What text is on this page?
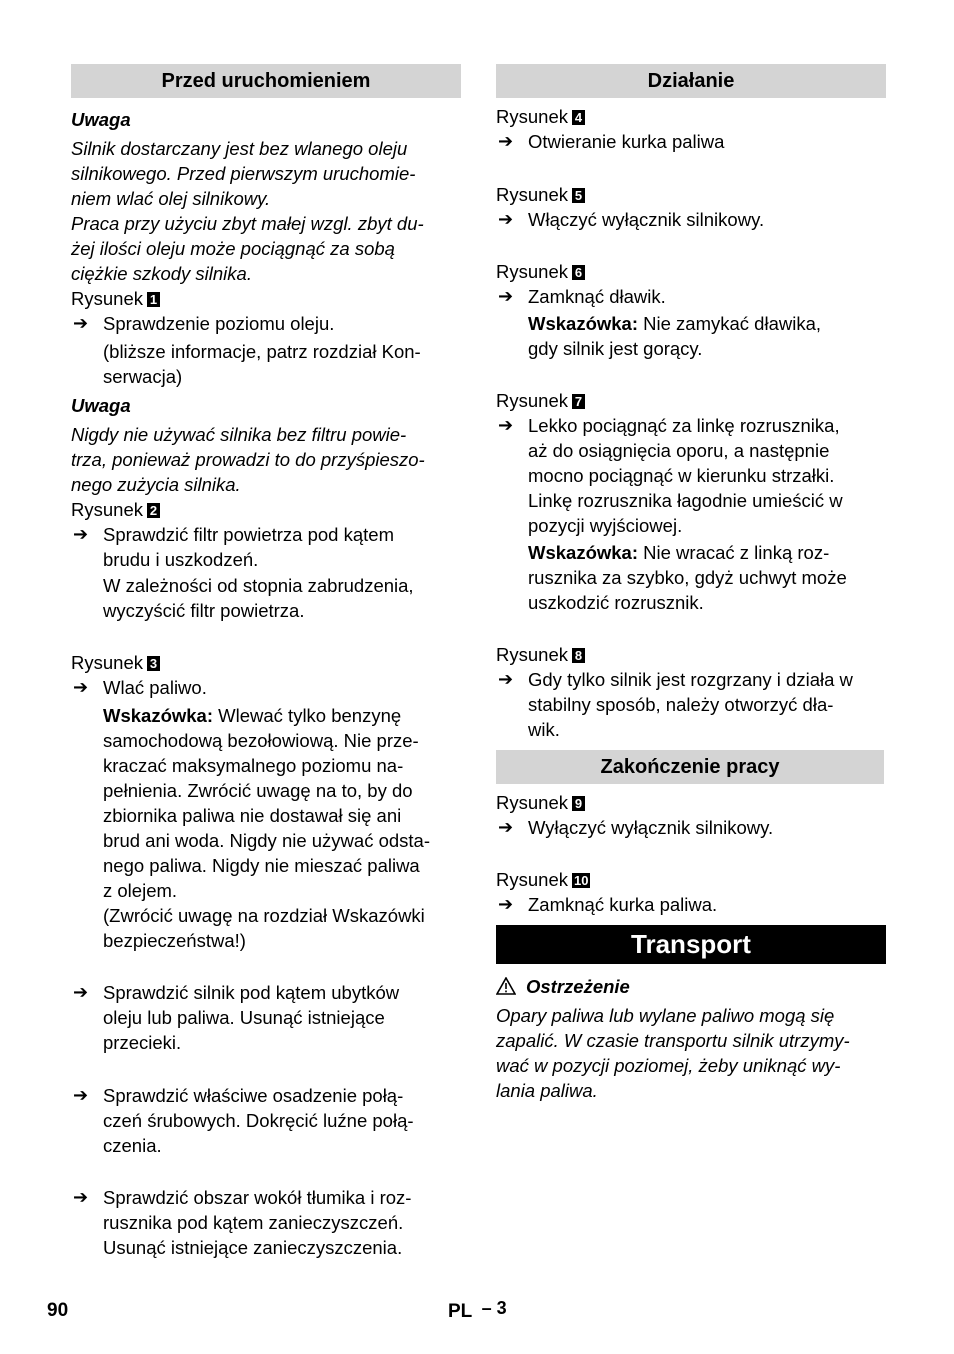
Przed uruchomieniem
Uwaga
Silnik dostarczany jest bez wlanego oleju
silnikowego. Przed pierwszym uruchomie-
niem wlać olej silnikowy.
Praca przy użyciu zbyt małej wzgl. zbyt du-
żej ilości oleju może pociągnąć za sobą
ciężkie szkody silnika.
Rysunek 1
➔ Sprawdzenie poziomu oleju.
(bliższe informacje, patrz rozdział Kon-
serwacja)
Uwaga
Nigdy nie używać silnika bez filtru powie-
trza, ponieważ prowadzi to do przyśpieszo-
nego zużycia silnika.
Rysunek 2
➔ Sprawdzić filtr powietrza pod kątem
brudu i uszkodzeń.
W zależności od stopnia zabrudzenia,
wyczyścić filtr powietrza.
Rysunek 3
➔ Wlać paliwo.
Wskazówka: Wlewać tylko benzynę
samochodową bezołowiową. Nie prze-
kraczać maksymalnego poziomu na-
pełnienia. Zwrócić uwagę na to, by do
zbiornika paliwa nie dostawał się ani
brud ani woda. Nigdy nie używać odsta-
nego paliwa. Nigdy nie mieszać paliwa
z olejem.
(Zwrócić uwagę na rozdział Wskazówki
bezpieczeństwa!)
➔ Sprawdzić silnik pod kątem ubytków
oleju lub paliwa. Usunąć istniejące
przecieki.
➔ Sprawdzić właściwe osadzenie połą-
czeń śrubowych. Dokręcić luźne połą-
czenia.
➔ Sprawdzić obszar wokół tłumika i roz-
rusznika pod kątem zanieczyszczeń.
Usunąć istniejące zanieczyszczenia.
Działanie
Rysunek 4
➔ Otwieranie kurka paliwa
Rysunek 5
➔ Włączyć wyłącznik silnikowy.
Rysunek 6
➔ Zamknąć dławik.
Wskazówka: Nie zamykać dławika,
gdy silnik jest gorący.
Rysunek 7
➔ Lekko pociągnąć za linkę rozrusznika,
aż do osiągnięcia oporu, a następnie
mocno pociągnąć w kierunku strzałki.
Linkę rozrusznika łagodnie umieścić w
pozycji wyjściowej.
Wskazówka: Nie wracać z linką roz-
rusznika za szybko, gdyż uchwyt może
uszkodzić rozrusznik.
Rysunek 8
➔ Gdy tylko silnik jest rozgrzany i działa w
stabilny sposób, należy otworzyć dła-
wik.
Zakończenie pracy
Rysunek 9
➔ Wyłączyć wyłącznik silnikowy.
Rysunek 10
➔ Zamknąć kurka paliwa.
Transport
Ostrzeżenie
Opary paliwa lub wylane paliwo mogą się
zapalić. W czasie transportu silnik utrzymy-
wać w pozycji poziomej, żeby uniknąć wy-
lania paliwa.
90	PL – 3
